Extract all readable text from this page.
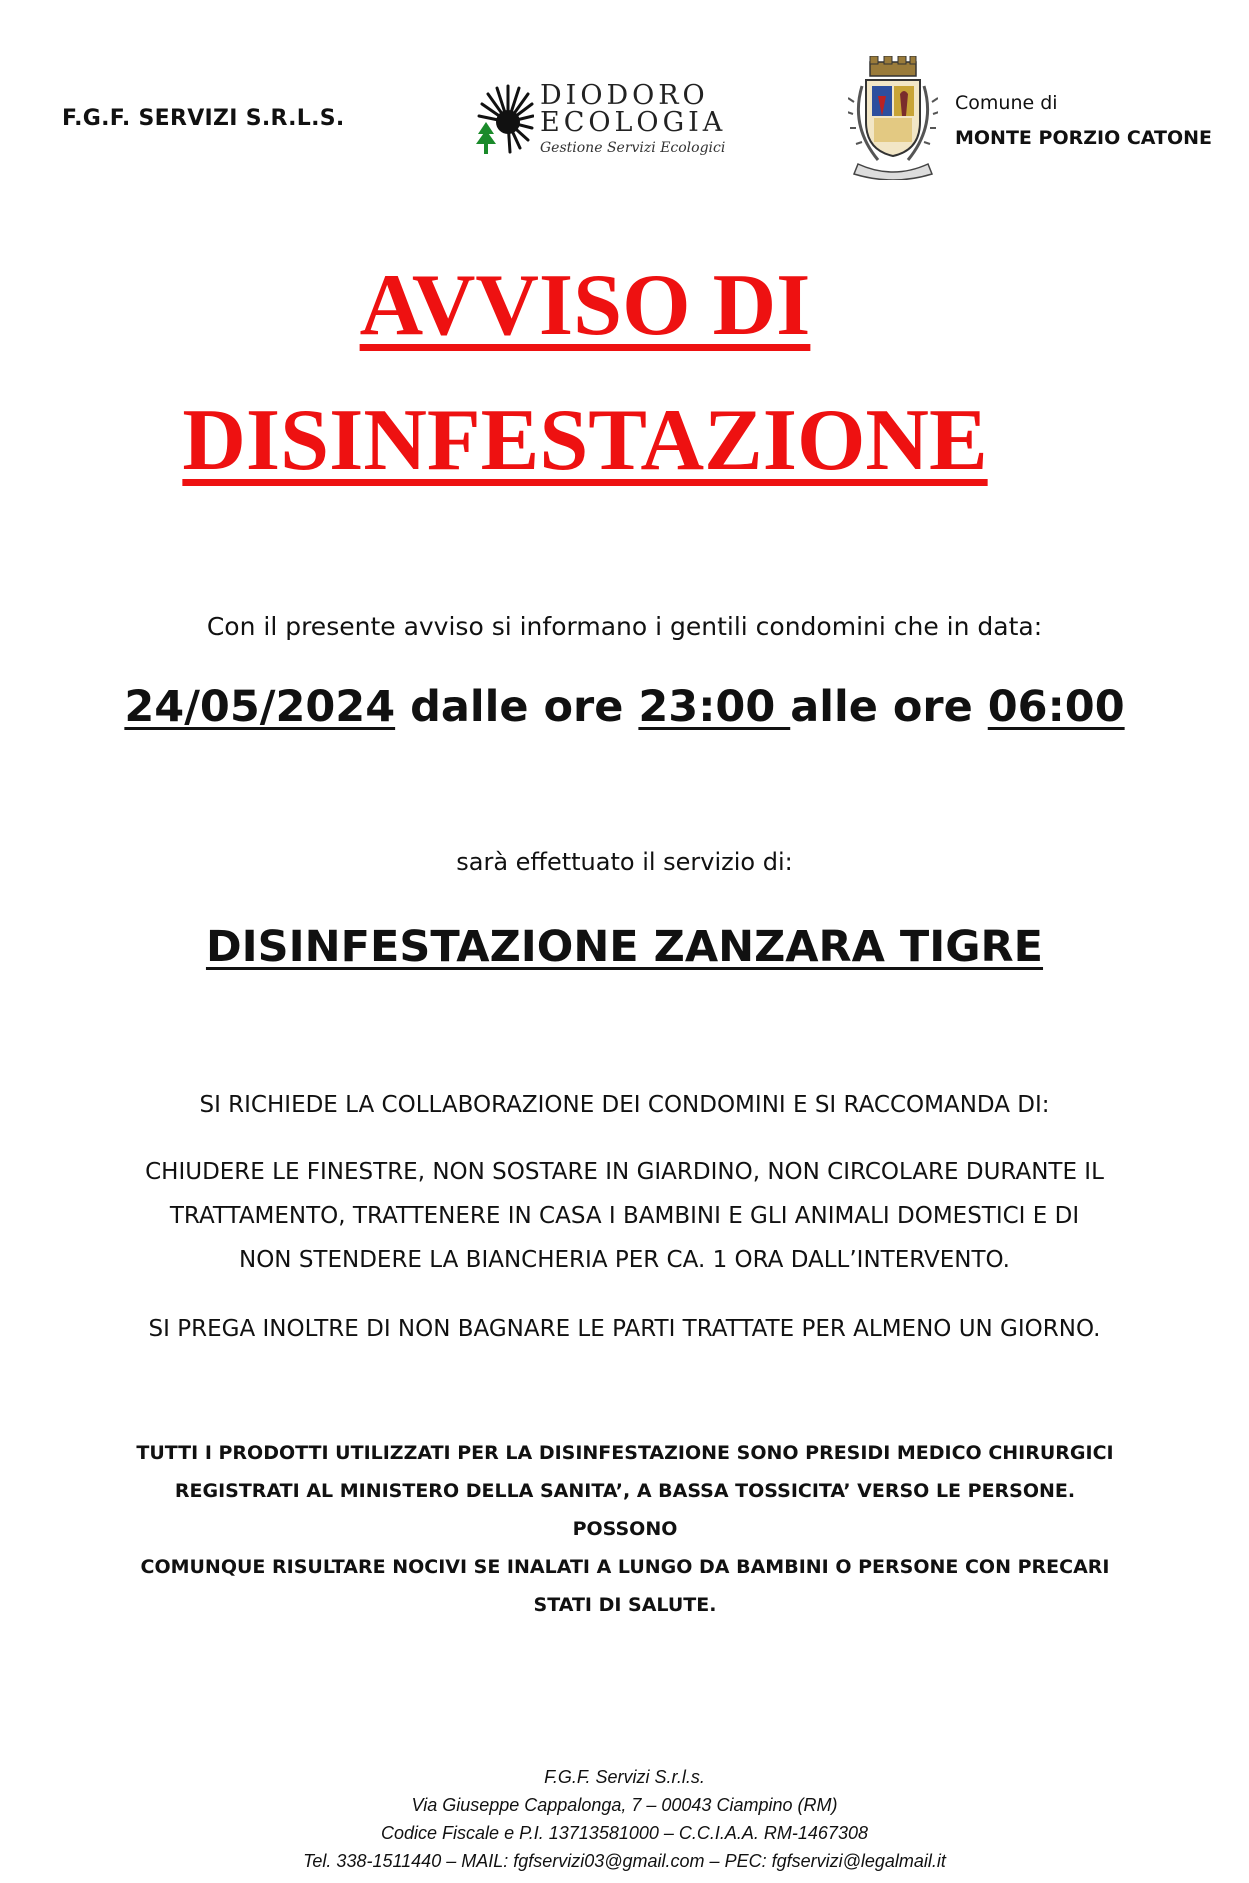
F.G.F. SERVIZI S.R.L.S.
DIODORO
ECOLOGIA
Gestione Servizi Ecologici
Comune di
MONTE PORZIO CATONE
AVVISO DI
DISINFESTAZIONE
Con il presente avviso si informano i gentili condomini che in data:
24/05/2024 dalle ore 23:00 alle ore 06:00
sarà effettuato il servizio di:
DISINFESTAZIONE ZANZARA TIGRE
SI RICHIEDE LA COLLABORAZIONE DEI CONDOMINI E SI RACCOMANDA DI:
CHIUDERE LE FINESTRE, NON SOSTARE IN GIARDINO, NON CIRCOLARE DURANTE IL
TRATTAMENTO, TRATTENERE IN CASA I BAMBINI E GLI ANIMALI DOMESTICI E DI
NON STENDERE LA BIANCHERIA PER CA. 1 ORA DALL’INTERVENTO.
SI PREGA INOLTRE DI NON BAGNARE LE PARTI TRATTATE PER ALMENO UN GIORNO.
TUTTI I PRODOTTI UTILIZZATI PER LA DISINFESTAZIONE SONO PRESIDI MEDICO CHIRURGICI
REGISTRATI AL MINISTERO DELLA SANITA’, A BASSA TOSSICITA’ VERSO LE PERSONE. POSSONO
COMUNQUE RISULTARE NOCIVI SE INALATI A LUNGO DA BAMBINI O PERSONE CON PRECARI
STATI DI SALUTE.
F.G.F. Servizi S.r.l.s.
Via Giuseppe Cappalonga, 7 – 00043 Ciampino (RM)
Codice Fiscale e P.I. 13713581000 – C.C.I.A.A. RM-1467308
Tel. 338-1511440 – MAIL: fgfservizi03@gmail.com – PEC: fgfservizi@legalmail.it
